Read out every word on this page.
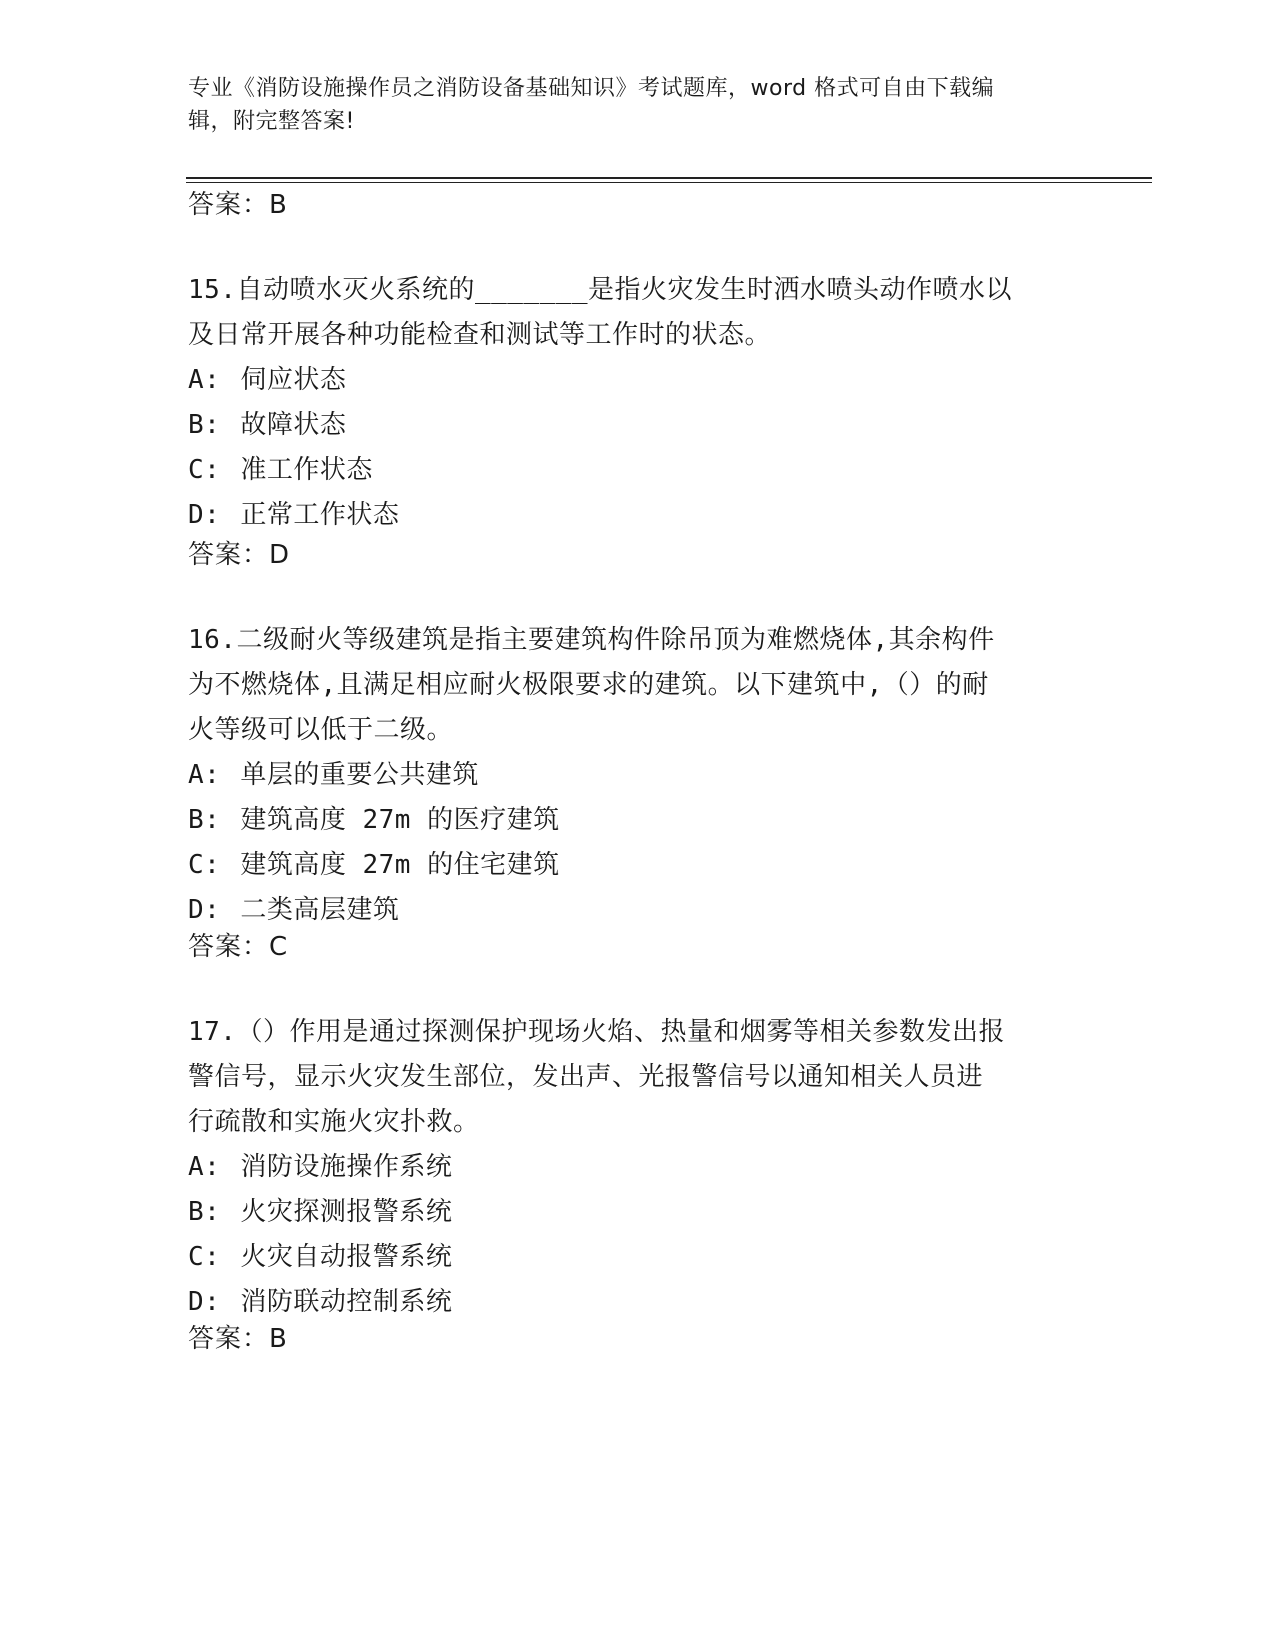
专业《消防设施操作员之消防设备基础知识》考试题库，word 格式可自由下载编
辑，附完整答案!
答案：B
15.自动喷水灭火系统的_______是指火灾发生时洒水喷头动作喷水以
及日常开展各种功能检查和测试等工作时的状态。
A: 伺应状态
B: 故障状态
C: 准工作状态
D: 正常工作状态
答案：D
16.二级耐火等级建筑是指主要建筑构件除吊顶为难燃烧体,其余构件
为不燃烧体,且满足相应耐火极限要求的建筑。以下建筑中,（）的耐
火等级可以低于二级。
A: 单层的重要公共建筑
B: 建筑高度 27m 的医疗建筑
C: 建筑高度 27m 的住宅建筑
D: 二类高层建筑
答案：C
17.（）作用是通过探测保护现场火焰、热量和烟雾等相关参数发出报
警信号，显示火灾发生部位，发出声、光报警信号以通知相关人员进
行疏散和实施火灾扑救。
A: 消防设施操作系统
B: 火灾探测报警系统
C: 火灾自动报警系统
D: 消防联动控制系统
答案：B
